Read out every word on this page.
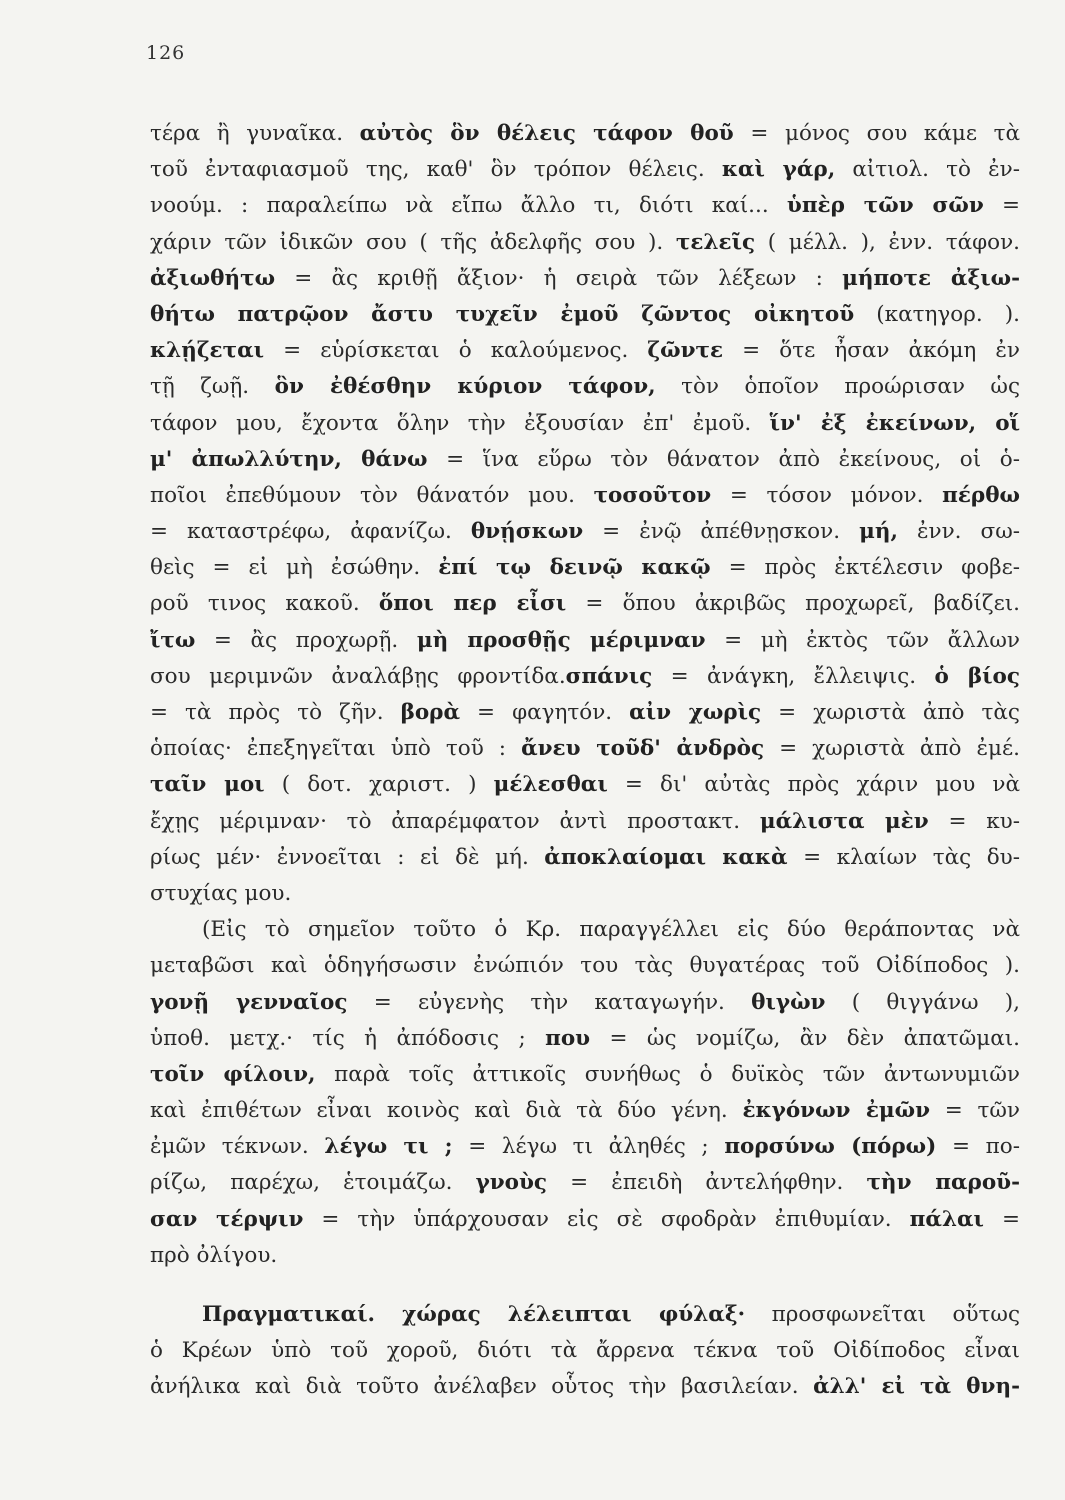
126
τέρα ἢ γυναῖκα. αὐτὸς ὃν θέλεις τάφον θοῦ = μόνος σου κάμε τὰ
τοῦ ἐνταφιασμοῦ της, καθ' ὃν τρόπον θέλεις. καὶ γάρ, αἰτιολ. τὸ ἐν-
νοούμ. : παραλείπω νὰ εἴπω ἄλλο τι, διότι καί... ὑπὲρ τῶν σῶν =
χάριν τῶν ἰδικῶν σου ( τῆς ἀδελφῆς σου ). τελεῖς ( μέλλ. ), ἐνν. τάφον.
ἀξιωθήτω = ἂς κριθῇ ἄξιον· ἡ σειρὰ τῶν λέξεων : μήποτε ἀξιω-
θήτω πατρῷον ἄστυ τυχεῖν ἐμοῦ ζῶντος οἰκητοῦ (κατηγορ. ).
κλῄζεται = εὑρίσκεται ὁ καλούμενος. ζῶντε = ὅτε ἦσαν ἀκόμη ἐν
τῇ ζωῇ. ὃν ἐθέσθην κύριον τάφον, τὸν ὁποῖον προώρισαν ὡς
τάφον μου, ἔχοντα ὅλην τὴν ἐξουσίαν ἐπ' ἐμοῦ. ἵν' ἐξ ἐκείνων, οἵ
μ' ἀπωλλύτην, θάνω = ἵνα εὕρω τὸν θάνατον ἀπὸ ἐκείνους, οἱ ὁ-
ποῖοι ἐπεθύμουν τὸν θάνατόν μου. τοσοῦτον = τόσον μόνον. πέρθω
= καταστρέφω, ἀφανίζω. θνῄσκων = ἐνῷ ἀπέθνῃσκον. μή, ἐνν. σω-
θεὶς = εἰ μὴ ἐσώθην. ἐπί τῳ δεινῷ κακῷ = πρὸς ἐκτέλεσιν φοβε-
ροῦ τινος κακοῦ. ὅποι περ εἶσι = ὅπου ἀκριβῶς προχωρεῖ, βαδίζει.
ἴτω = ἂς προχωρῇ. μὴ προσθῇς μέριμναν = μὴ ἐκτὸς τῶν ἄλλων
σου μεριμνῶν ἀναλάβῃς φροντίδα.σπάνις = ἀνάγκη, ἔλλειψις. ὁ βίος
= τὰ πρὸς τὸ ζῆν. βορὰ = φαγητόν. αἰν χωρὶς = χωριστὰ ἀπὸ τὰς
ὁποίας· ἐπεξηγεῖται ὑπὸ τοῦ : ἄνευ τοῦδ' ἀνδρὸς = χωριστὰ ἀπὸ ἐμέ.
ταῖν μοι ( δοτ. χαριστ. ) μέλεσθαι = δι' αὐτὰς πρὸς χάριν μου νὰ
ἔχῃς μέριμναν· τὸ ἀπαρέμφατον ἀντὶ προστακτ. μάλιστα μὲν = κυ-
ρίως μέν· ἐννοεῖται : εἰ δὲ μή. ἀποκλαίομαι κακὰ = κλαίων τὰς δυ-
στυχίας μου.
(Εἰς τὸ σημεῖον τοῦτο ὁ Κρ. παραγγέλλει εἰς δύο θεράποντας νὰ
μεταβῶσι καὶ ὁδηγήσωσιν ἐνώπιόν του τὰς θυγατέρας τοῦ Οἰδίποδος ).
γονῇ γενναῖος = εὐγενὴς τὴν καταγωγήν. θιγὼν ( θιγγάνω ),
ὑποθ. μετχ.· τίς ἡ ἀπόδοσις ; που = ὡς νομίζω, ἂν δὲν ἀπατῶμαι.
τοῖν φίλοιν, παρὰ τοῖς ἀττικοῖς συνήθως ὁ δυϊκὸς τῶν ἀντωνυμιῶν
καὶ ἐπιθέτων εἶναι κοινὸς καὶ διὰ τὰ δύο γένη. ἐκγόνων ἐμῶν = τῶν
ἐμῶν τέκνων. λέγω τι ; = λέγω τι ἀληθές ; πορσύνω (πόρω) = πο-
ρίζω, παρέχω, ἑτοιμάζω. γνοὺς = ἐπειδὴ ἀντελήφθην. τὴν παροῦ-
σαν τέρψιν = τὴν ὑπάρχουσαν εἰς σὲ σφοδρὰν ἐπιθυμίαν. πάλαι =
πρὸ ὀλίγου.
Πραγματικαί. χώρας λέλειπται φύλαξ· προσφωνεῖται οὕτως
ὁ Κρέων ὑπὸ τοῦ χοροῦ, διότι τὰ ἄρρενα τέκνα τοῦ Οἰδίποδος εἶναι
ἀνήλικα καὶ διὰ τοῦτο ἀνέλαβεν οὗτος τὴν βασιλείαν. ἀλλ' εἰ τὰ θνη-
